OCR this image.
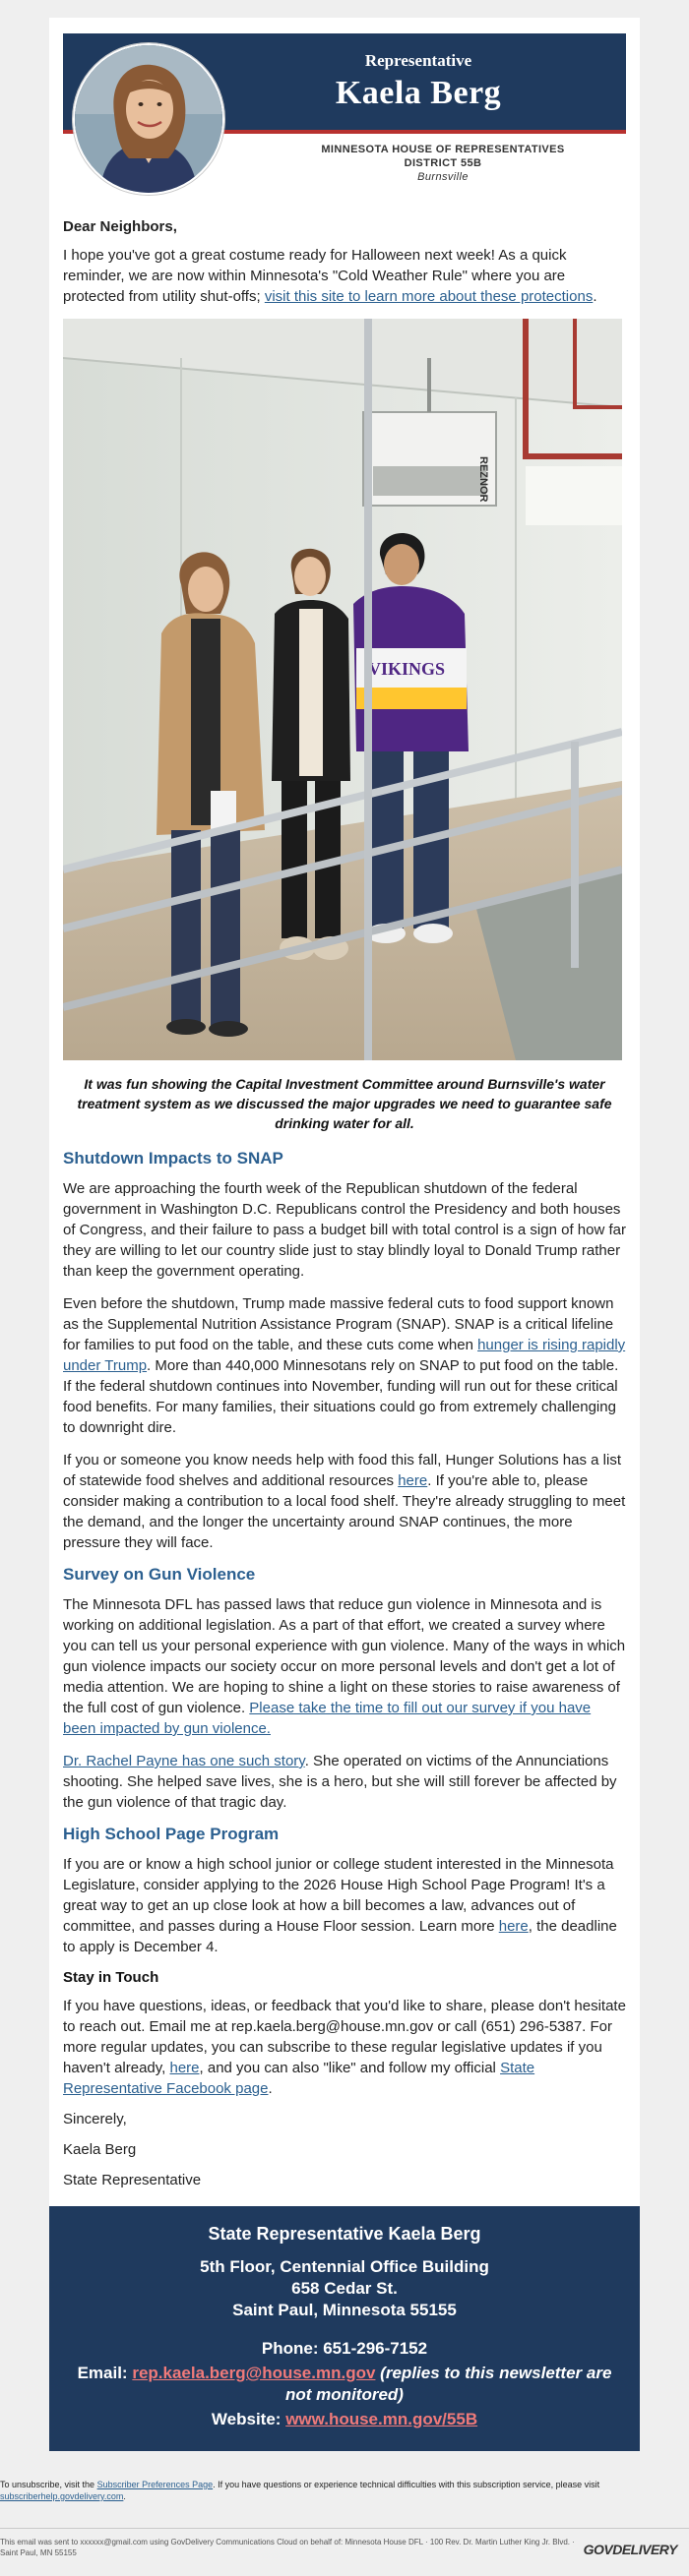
Representative
Kaela Berg
MINNESOTA HOUSE OF REPRESENTATIVES
DISTRICT 55B
Burnsville
Dear Neighbors,

I hope you've got a great costume ready for Halloween next week! As a quick reminder, we are now within Minnesota's "Cold Weather Rule" where you are protected from utility shut-offs; visit this site to learn more about these protections.

REZNOR
VIKINGS
It was fun showing the Capital Investment Committee around Burnsville's water treatment system as we discussed the major upgrades we need to guarantee safe drinking water for all.
Shutdown Impacts to SNAP

We are approaching the fourth week of the Republican shutdown of the federal government in Washington D.C. Republicans control the Presidency and both houses of Congress, and their failure to pass a budget bill with total control is a sign of how far they are willing to let our country slide just to stay blindly loyal to Donald Trump rather than keep the government operating.

Even before the shutdown, Trump made massive federal cuts to food support known as the Supplemental Nutrition Assistance Program (SNAP). SNAP is a critical lifeline for families to put food on the table, and these cuts come when hunger is rising rapidly under Trump. More than 440,000 Minnesotans rely on SNAP to put food on the table. If the federal shutdown continues into November, funding will run out for these critical food benefits. For many families, their situations could go from extremely challenging to downright dire.

If you or someone you know needs help with food this fall, Hunger Solutions has a list of statewide food shelves and additional resources here. If you're able to, please consider making a contribution to a local food shelf. They're already struggling to meet the demand, and the longer the uncertainty around SNAP continues, the more pressure they will face.

Survey on Gun Violence

The Minnesota DFL has passed laws that reduce gun violence in Minnesota and is working on additional legislation. As a part of that effort, we created a survey where you can tell us your personal experience with gun violence. Many of the ways in which gun violence impacts our society occur on more personal levels and don't get a lot of media attention. We are hoping to shine a light on these stories to raise awareness of the full cost of gun violence. Please take the time to fill out our survey if you have been impacted by gun violence.

Dr. Rachel Payne has one such story. She operated on victims of the Annunciations shooting. She helped save lives, she is a hero, but she will still forever be affected by the gun violence of that tragic day.

High School Page Program

If you are or know a high school junior or college student interested in the Minnesota Legislature, consider applying to the 2026 House High School Page Program! It's a great way to get an up close look at how a bill becomes a law, advances out of committee, and passes during a House Floor session. Learn more here, the deadline to apply is December 4.

Stay in Touch

If you have questions, ideas, or feedback that you'd like to share, please don't hesitate to reach out. Email me at rep.kaela.berg@house.mn.gov or call (651) 296-5387. For more regular updates, you can subscribe to these regular legislative updates if you haven't already, here, and you can also "like" and follow my official State Representative Facebook page.

Sincerely,

Kaela Berg

State Representative

State Representative Kaela Berg
5th Floor, Centennial Office Building
658 Cedar St.
Saint Paul, Minnesota 55155
Phone: 651-296-7152
Email: rep.kaela.berg@house.mn.gov (replies to this newsletter are not monitored)
Website: www.house.mn.gov/55B
To unsubscribe, visit the Subscriber Preferences Page. If you have questions or experience technical difficulties with this subscription service, please visit subscriberhelp.govdelivery.com.
This email was sent to xxxxxx@gmail.com using GovDelivery Communications Cloud on behalf of: Minnesota House DFL · 100 Rev. Dr. Martin Luther King Jr. Blvd. · Saint Paul, MN 55155	GOVDELIVERY
